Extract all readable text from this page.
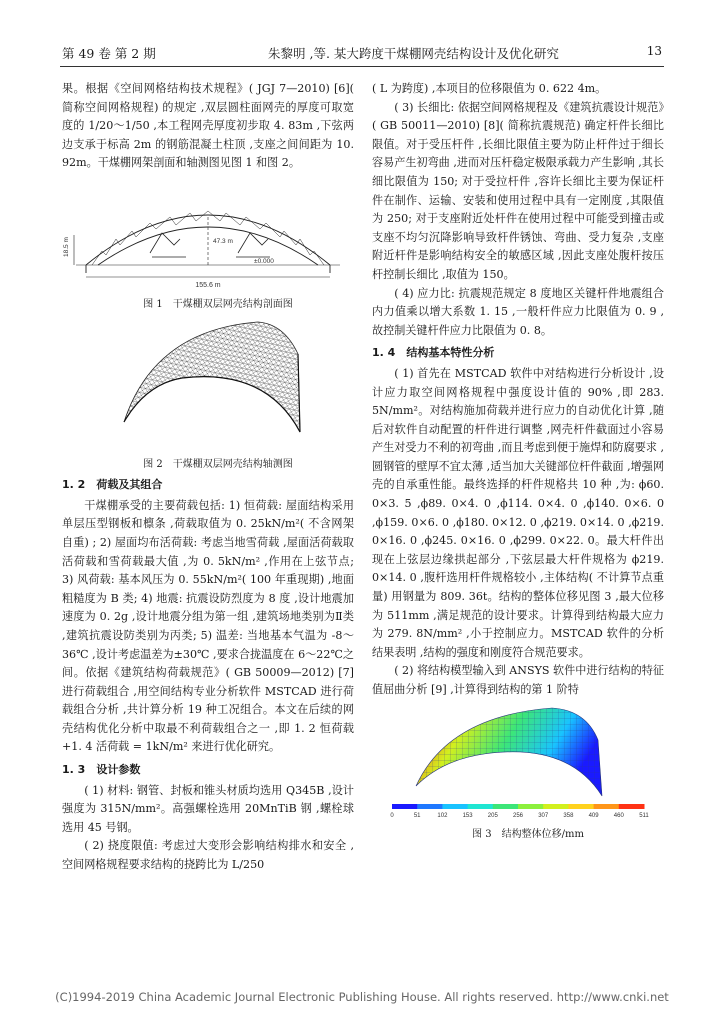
第 49 卷 第 2 期	朱黎明 ,等. 某大跨度干煤棚网壳结构设计及优化研究	13

果。根据《空间网格结构技术规程》( JGJ 7—2010) [6]( 简称空间网格规程) 的规定 ,双层圆柱面网壳的厚度可取宽度的 1/20～1/50 ,本工程网壳厚度初步取 4. 83m ,下弦两边支承于标高 2m 的钢筋混凝土柱顶 ,支座之间间距为 10. 92m。干煤棚网架剖面和轴测图见图 1 和图 2。

47.3 m
18.5 m
155.6 m
±0.000

图 1　干煤棚双层网壳结构剖面图

图 2　干煤棚双层网壳结构轴测图

1. 2　荷载及其组合

干煤棚承受的主要荷载包括: 1) 恒荷载: 屋面结构采用单层压型钢板和檩条 ,荷载取值为 0. 25kN/m²( 不含网架自重) ; 2) 屋面均布活荷载: 考虑当地雪荷载 ,屋面活荷载取活荷载和雪荷载最大值 ,为 0. 5kN/m² ,作用在上弦节点; 3) 风荷载: 基本风压为 0. 55kN/m²( 100 年重现期) ,地面粗糙度为 B 类; 4) 地震: 抗震设防烈度为 8 度 ,设计地震加速度为 0. 2g ,设计地震分组为第一组 ,建筑场地类别为Ⅱ类 ,建筑抗震设防类别为丙类; 5) 温差: 当地基本气温为 -8～36℃ ,设计考虑温差为±30℃ ,要求合拢温度在 6～22℃之间。依据《建筑结构荷载规范》( GB 50009—2012) [7] 进行荷载组合 ,用空间结构专业分析软件 MSTCAD 进行荷载组合分析 ,共计算分析 19 种工况组合。本文在后续的网壳结构优化分析中取最不利荷载组合之一 ,即 1. 2 恒荷载+1. 4 活荷载 = 1kN/m² 来进行优化研究。

1. 3　设计参数

( 1) 材料: 钢管、封板和锥头材质均选用 Q345B ,设计强度为 315N/mm²。高强螺栓选用 20MnTiB 钢 ,螺栓球选用 45 号钢。

( 2) 挠度限值: 考虑过大变形会影响结构排水和安全 ,空间网格规程要求结构的挠跨比为 L/250

( L 为跨度) ,本项目的位移限值为 0. 622 4m。

( 3) 长细比: 依据空间网格规程及《建筑抗震设计规范》( GB 50011—2010) [8]( 简称抗震规范) 确定杆件长细比限值。对于受压杆件 ,长细比限值主要为防止杆件过于细长容易产生初弯曲 ,进而对压杆稳定极限承载力产生影响 ,其长细比限值为 150; 对于受拉杆件 ,容许长细比主要为保证杆件在制作、运输、安装和使用过程中具有一定刚度 ,其限值为 250; 对于支座附近处杆件在使用过程中可能受到撞击或支座不均匀沉降影响导致杆件锈蚀、弯曲、受力复杂 ,支座附近杆件是影响结构安全的敏感区域 ,因此支座处腹杆按压杆控制长细比 ,取值为 150。

( 4) 应力比: 抗震规范规定 8 度地区关键杆件地震组合内力值乘以增大系数 1. 15 ,一般杆件应力比限值为 0. 9 ,故控制关键杆件应力比限值为 0. 8。

1. 4　结构基本特性分析

( 1) 首先在 MSTCAD 软件中对结构进行分析设计 ,设计应力取空间网格规程中强度设计值的 90% ,即 283. 5N/mm²。对结构施加荷载并进行应力的自动优化计算 ,随后对软件自动配置的杆件进行调整 ,网壳杆件截面过小容易产生对受力不利的初弯曲 ,而且考虑到便于施焊和防腐要求 ,圆钢管的壁厚不宜太薄 ,适当加大关键部位杆件截面 ,增强网壳的自承重性能。最终选择的杆件规格共 10 种 ,为: ϕ60. 0×3. 5 ,ϕ89. 0×4. 0 ,ϕ114. 0×4. 0 ,ϕ140. 0×6. 0 ,ϕ159. 0×6. 0 ,ϕ180. 0×12. 0 ,ϕ219. 0×14. 0 ,ϕ219. 0×16. 0 ,ϕ245. 0×16. 0 ,ϕ299. 0×22. 0。最大杆件出现在上弦层边缘拱起部分 ,下弦层最大杆件规格为 ϕ219. 0×14. 0 ,腹杆选用杆件规格较小 ,主体结构( 不计算节点重量) 用钢量为 809. 36t。结构的整体位移见图 3 ,最大位移为 511mm ,满足规范的设计要求。计算得到结构最大应力为 279. 8N/mm² ,小于控制应力。MSTCAD 软件的分析结果表明 ,结构的强度和刚度符合规范要求。

( 2) 将结构模型输入到 ANSYS 软件中进行结构的特征值屈曲分析 [9] ,计算得到结构的第 1 阶特

0	51	102	153	205	256	307	358	409	460	511

图 3　结构整体位移/mm

(C)1994-2019 China Academic Journal Electronic Publishing House. All rights reserved. http://www.cnki.net
